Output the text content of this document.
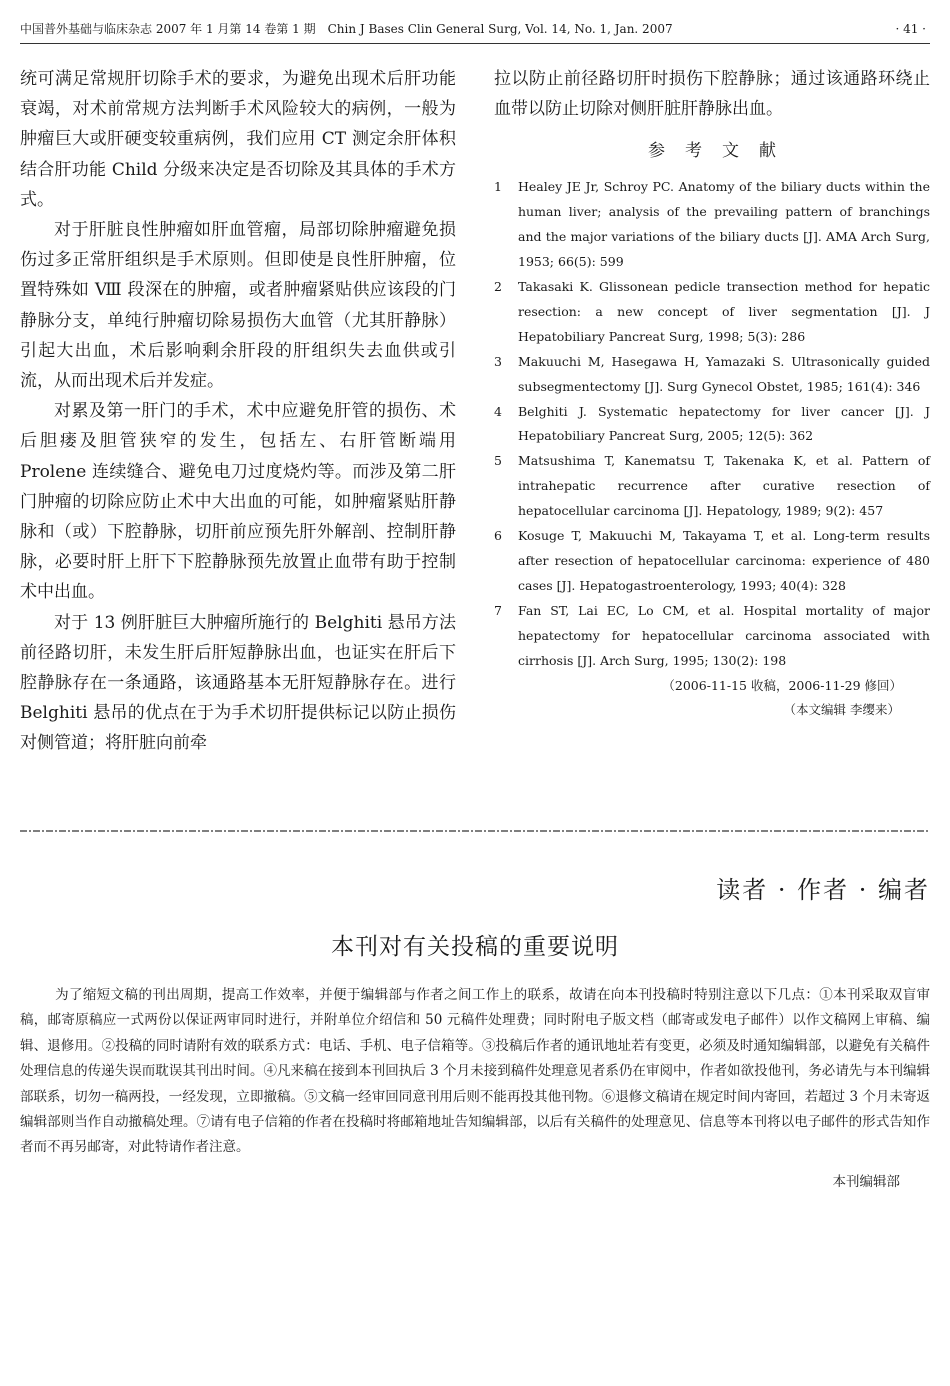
中国普外基础与临床杂志 2007 年 1 月第 14 卷第 1 期　Chin J Bases Clin General Surg, Vol. 14, No. 1, Jan. 2007	· 41 ·

统可满足常规肝切除手术的要求，为避免出现术后肝功能衰竭，对术前常规方法判断手术风险较大的病例，一般为肿瘤巨大或肝硬变较重病例，我们应用 CT 测定余肝体积结合肝功能 Child 分级来决定是否切除及其具体的手术方式。

对于肝脏良性肿瘤如肝血管瘤，局部切除肿瘤避免损伤过多正常肝组织是手术原则。但即使是良性肝肿瘤，位置特殊如 Ⅷ 段深在的肿瘤，或者肿瘤紧贴供应该段的门静脉分支，单纯行肿瘤切除易损伤大血管（尤其肝静脉）引起大出血，术后影响剩余肝段的肝组织失去血供或引流，从而出现术后并发症。

对累及第一肝门的手术，术中应避免肝管的损伤、术后胆瘘及胆管狭窄的发生，包括左、右肝管断端用 Prolene 连续缝合、避免电刀过度烧灼等。而涉及第二肝门肿瘤的切除应防止术中大出血的可能，如肿瘤紧贴肝静脉和（或）下腔静脉，切肝前应预先肝外解剖、控制肝静脉，必要时肝上肝下下腔静脉预先放置止血带有助于控制术中出血。

对于 13 例肝脏巨大肿瘤所施行的 Belghiti 悬吊方法前径路切肝，未发生肝后肝短静脉出血，也证实在肝后下腔静脉存在一条通路，该通路基本无肝短静脉存在。进行 Belghiti 悬吊的优点在于为手术切肝提供标记以防止损伤对侧管道；将肝脏向前牵

拉以防止前径路切肝时损伤下腔静脉；通过该通路环绕止血带以防止切除对侧肝脏肝静脉出血。

参考文献
1 Healey JE Jr, Schroy PC. Anatomy of the biliary ducts within the human liver; analysis of the prevailing pattern of branchings and the major variations of the biliary ducts [J]. AMA Arch Surg, 1953; 66(5): 599
2 Takasaki K. Glissonean pedicle transection method for hepatic resection: a new concept of liver segmentation [J]. J Hepatobiliary Pancreat Surg, 1998; 5(3): 286
3 Makuuchi M, Hasegawa H, Yamazaki S. Ultrasonically guided subsegmentectomy [J]. Surg Gynecol Obstet, 1985; 161(4): 346
4 Belghiti J. Systematic hepatectomy for liver cancer [J]. J Hepatobiliary Pancreat Surg, 2005; 12(5): 362
5 Matsushima T, Kanematsu T, Takenaka K, et al. Pattern of intrahepatic recurrence after curative resection of hepatocellular carcinoma [J]. Hepatology, 1989; 9(2): 457
6 Kosuge T, Makuuchi M, Takayama T, et al. Long-term results after resection of hepatocellular carcinoma: experience of 480 cases [J]. Hepatogastroenterology, 1993; 40(4): 328
7 Fan ST, Lai EC, Lo CM, et al. Hospital mortality of major hepatectomy for hepatocellular carcinoma associated with cirrhosis [J]. Arch Surg, 1995; 130(2): 198
（2006-11-15 收稿，2006-11-29 修回）
（本文编辑 李缨来）
读者 · 作者 · 编者
本刊对有关投稿的重要说明

为了缩短文稿的刊出周期，提高工作效率，并便于编辑部与作者之间工作上的联系，故请在向本刊投稿时特别注意以下几点：①本刊采取双盲审稿，邮寄原稿应一式两份以保证两审同时进行，并附单位介绍信和 50 元稿件处理费；同时附电子版文档（邮寄或发电子邮件）以作文稿网上审稿、编辑、退修用。②投稿的同时请附有效的联系方式：电话、手机、电子信箱等。③投稿后作者的通讯地址若有变更，必须及时通知编辑部，以避免有关稿件处理信息的传递失误而耽误其刊出时间。④凡来稿在接到本刊回执后 3 个月未接到稿件处理意见者系仍在审阅中，作者如欲投他刊，务必请先与本刊编辑部联系，切勿一稿两投，一经发现，立即撤稿。⑤文稿一经审回同意刊用后则不能再投其他刊物。⑥退修文稿请在规定时间内寄回，若超过 3 个月未寄返编辑部则当作自动撤稿处理。⑦请有电子信箱的作者在投稿时将邮箱地址告知编辑部，以后有关稿件的处理意见、信息等本刊将以电子邮件的形式告知作者而不再另邮寄，对此特请作者注意。

本刊编辑部
